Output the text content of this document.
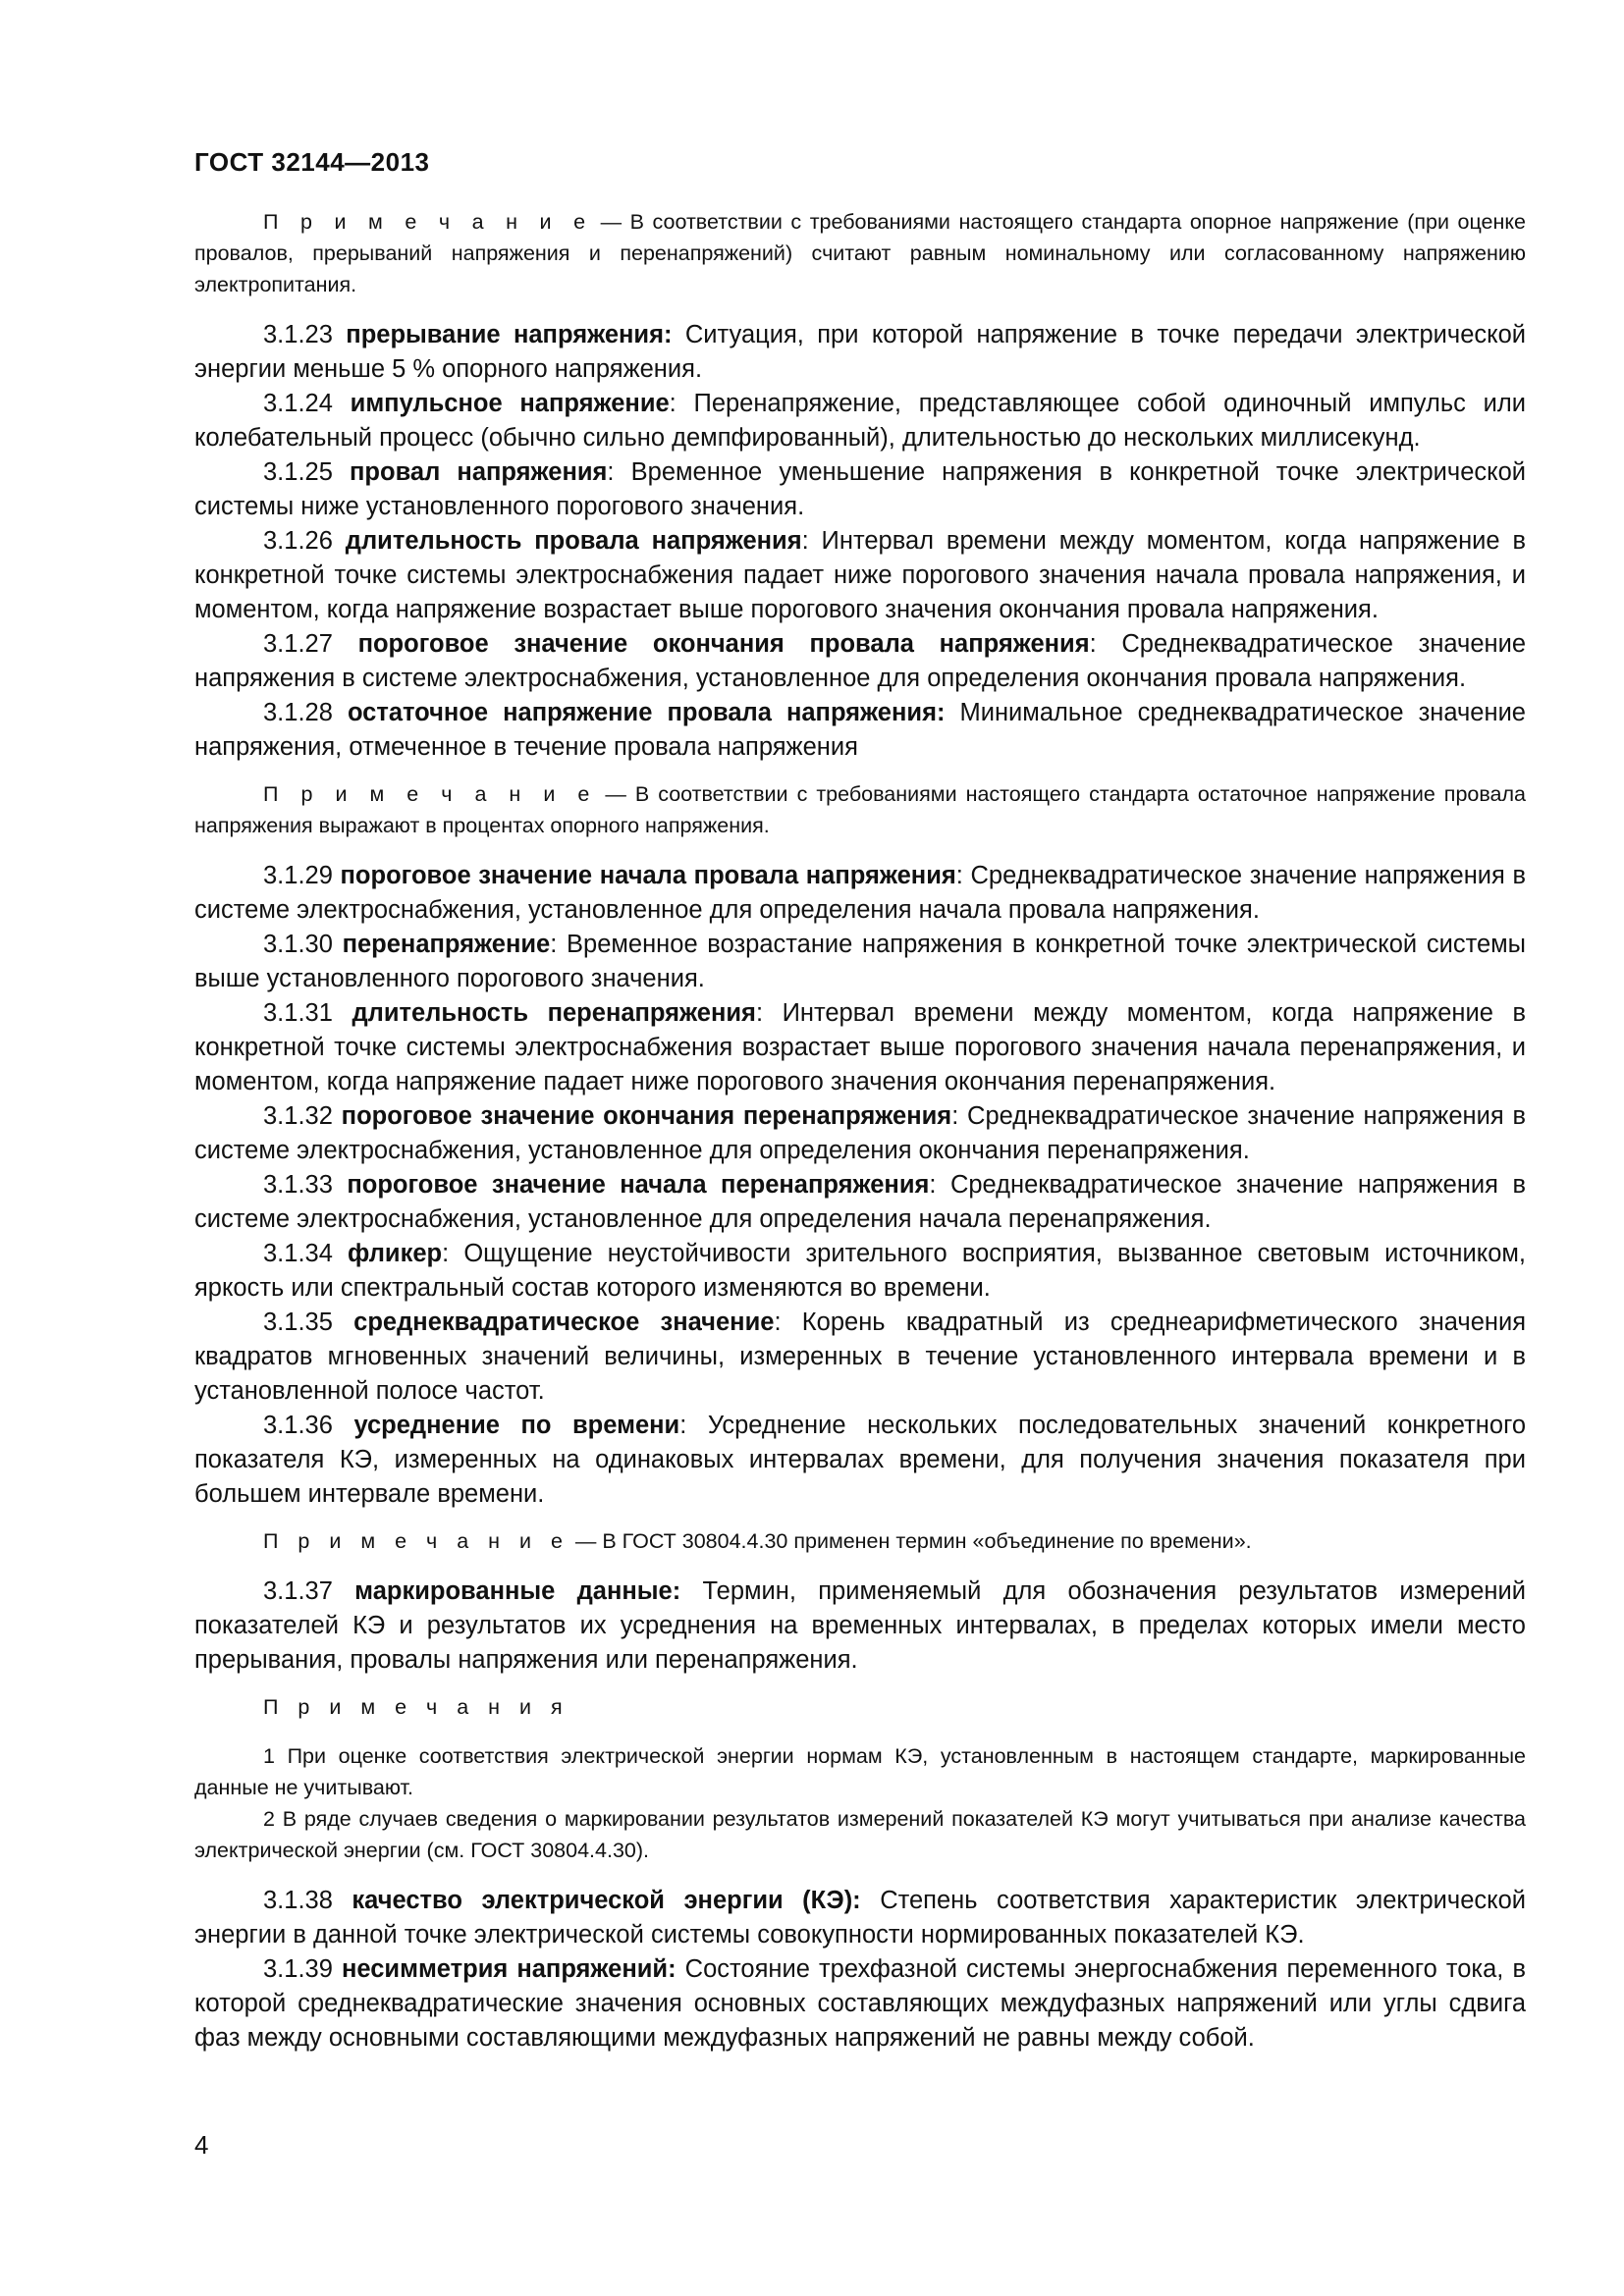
ГОСТ 32144—2013

П р и м е ч а н и е — В соответствии с требованиями настоящего стандарта опорное напряжение (при оценке провалов, прерываний напряжения и перенапряжений) считают равным номинальному или согласованному напряжению электропитания.

3.1.23 прерывание напряжения: Ситуация, при которой напряжение в точке передачи электрической энергии меньше 5 % опорного напряжения.

3.1.24 импульсное напряжение: Перенапряжение, представляющее собой одиночный импульс или колебательный процесс (обычно сильно демпфированный), длительностью до нескольких миллисекунд.

3.1.25 провал напряжения: Временное уменьшение напряжения в конкретной точке электрической системы ниже установленного порогового значения.

3.1.26 длительность провала напряжения: Интервал времени между моментом, когда напряжение в конкретной точке системы электроснабжения падает ниже порогового значения начала провала напряжения, и моментом, когда напряжение возрастает выше порогового значения окончания провала напряжения.

3.1.27 пороговое значение окончания провала напряжения: Среднеквадратическое значение напряжения в системе электроснабжения, установленное для определения окончания провала напряжения.

3.1.28 остаточное напряжение провала напряжения: Минимальное среднеквадратическое значение напряжения, отмеченное в течение провала напряжения

П р и м е ч а н и е — В соответствии с требованиями настоящего стандарта остаточное напряжение провала напряжения выражают в процентах опорного напряжения.

3.1.29 пороговое значение начала провала напряжения: Среднеквадратическое значение напряжения в системе электроснабжения, установленное для определения начала провала напряжения.

3.1.30 перенапряжение: Временное возрастание напряжения в конкретной точке электрической системы выше установленного порогового значения.

3.1.31 длительность перенапряжения: Интервал времени между моментом, когда напряжение в конкретной точке системы электроснабжения возрастает выше порогового значения начала перенапряжения, и моментом, когда напряжение падает ниже порогового значения окончания перенапряжения.

3.1.32 пороговое значение окончания перенапряжения: Среднеквадратическое значение напряжения в системе электроснабжения, установленное для определения окончания перенапряжения.

3.1.33 пороговое значение начала перенапряжения: Среднеквадратическое значение напряжения в системе электроснабжения, установленное для определения начала перенапряжения.

3.1.34 фликер: Ощущение неустойчивости зрительного восприятия, вызванное световым источником, яркость или спектральный состав которого изменяются во времени.

3.1.35 среднеквадратическое значение: Корень квадратный из среднеарифметического значения квадратов мгновенных значений величины, измеренных в течение установленного интервала времени и в установленной полосе частот.

3.1.36 усреднение по времени: Усреднение нескольких последовательных значений конкретного показателя КЭ, измеренных на одинаковых интервалах времени, для получения значения показателя при большем интервале времени.

П р и м е ч а н и е — В ГОСТ 30804.4.30 применен термин «объединение по времени».

3.1.37 маркированные данные: Термин, применяемый для обозначения результатов измерений показателей КЭ и результатов их усреднения на временных интервалах, в пределах которых имели место прерывания, провалы напряжения или перенапряжения.

П р и м е ч а н и я

1 При оценке соответствия электрической энергии нормам КЭ, установленным в настоящем стандарте, маркированные данные не учитывают.

2 В ряде случаев сведения о маркировании результатов измерений показателей КЭ могут учитываться при анализе качества электрической энергии (см. ГОСТ 30804.4.30).

3.1.38 качество электрической энергии (КЭ): Степень соответствия характеристик электрической энергии в данной точке электрической системы совокупности нормированных показателей КЭ.

3.1.39 несимметрия напряжений: Состояние трехфазной системы энергоснабжения переменного тока, в которой среднеквадратические значения основных составляющих междуфазных напряжений или углы сдвига фаз между основными составляющими междуфазных напряжений не равны между собой.

4
